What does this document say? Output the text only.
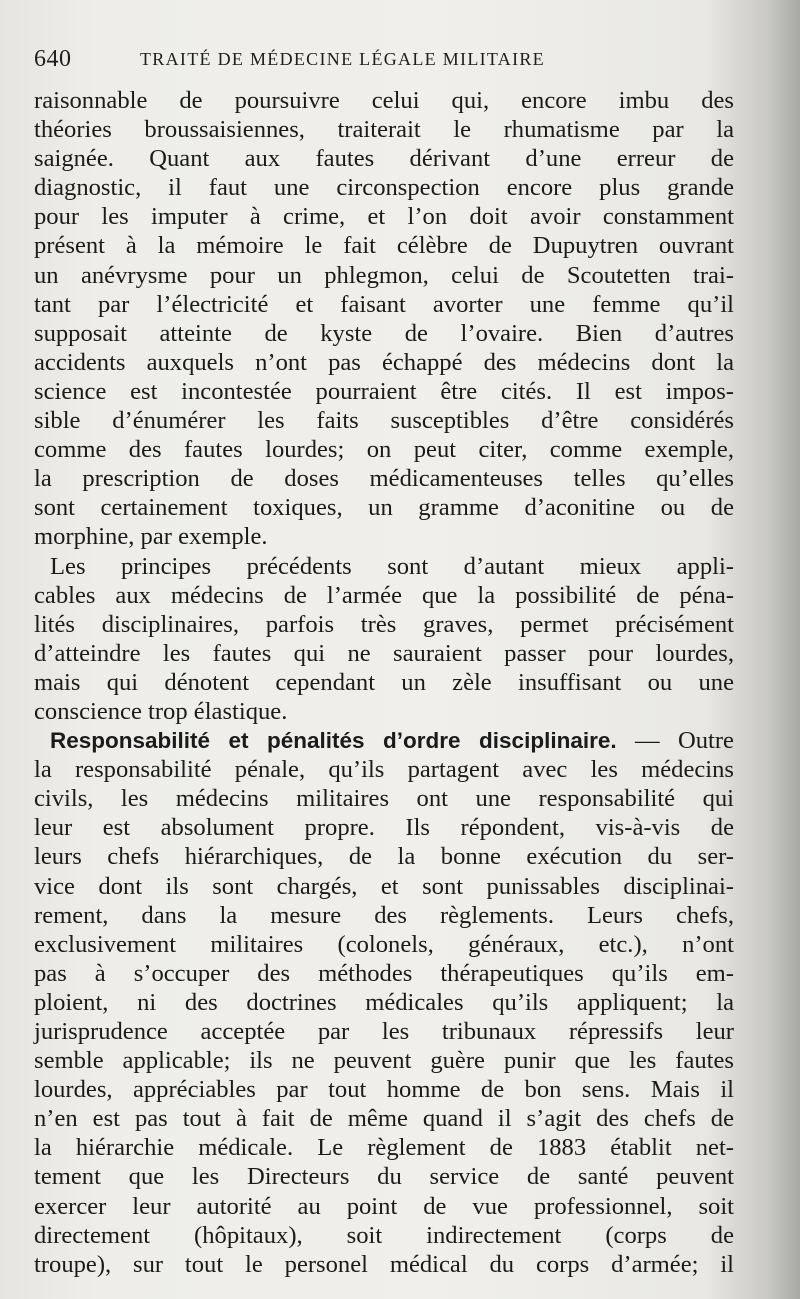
640	TRAITÉ DE MÉDECINE LÉGALE MILITAIRE
raisonnable de poursuivre celui qui, encore imbu des
théories broussaisiennes, traiterait le rhumatisme par la
saignée. Quant aux fautes dérivant d’une erreur de
diagnostic, il faut une circonspection encore plus grande
pour les imputer à crime, et l’on doit avoir constamment
présent à la mémoire le fait célèbre de Dupuytren ouvrant
un anévrysme pour un phlegmon, celui de Scoutetten trai-
tant par l’électricité et faisant avorter une femme qu’il
supposait atteinte de kyste de l’ovaire. Bien d’autres
accidents auxquels n’ont pas échappé des médecins dont la
science est incontestée pourraient être cités. Il est impos-
sible d’énumérer les faits susceptibles d’être considérés
comme des fautes lourdes; on peut citer, comme exemple,
la prescription de doses médicamenteuses telles qu’elles
sont certainement toxiques, un gramme d’aconitine ou de
morphine, par exemple.
Les principes précédents sont d’autant mieux appli-
cables aux médecins de l’armée que la possibilité de péna-
lités disciplinaires, parfois très graves, permet précisément
d’atteindre les fautes qui ne sauraient passer pour lourdes,
mais qui dénotent cependant un zèle insuffisant ou une
conscience trop élastique.
Responsabilité et pénalités d’ordre disciplinaire. — Outre
la responsabilité pénale, qu’ils partagent avec les médecins
civils, les médecins militaires ont une responsabilité qui
leur est absolument propre. Ils répondent, vis-à-vis de
leurs chefs hiérarchiques, de la bonne exécution du ser-
vice dont ils sont chargés, et sont punissables disciplinai-
rement, dans la mesure des règlements. Leurs chefs,
exclusivement militaires (colonels, généraux, etc.), n’ont
pas à s’occuper des méthodes thérapeutiques qu’ils em-
ploient, ni des doctrines médicales qu’ils appliquent; la
jurisprudence acceptée par les tribunaux répressifs leur
semble applicable; ils ne peuvent guère punir que les fautes
lourdes, appréciables par tout homme de bon sens. Mais il
n’en est pas tout à fait de même quand il s’agit des chefs de
la hiérarchie médicale. Le règlement de 1883 établit net-
tement que les Directeurs du service de santé peuvent
exercer leur autorité au point de vue professionnel, soit
directement (hôpitaux), soit indirectement (corps de
troupe), sur tout le personel médical du corps d’armée; il
